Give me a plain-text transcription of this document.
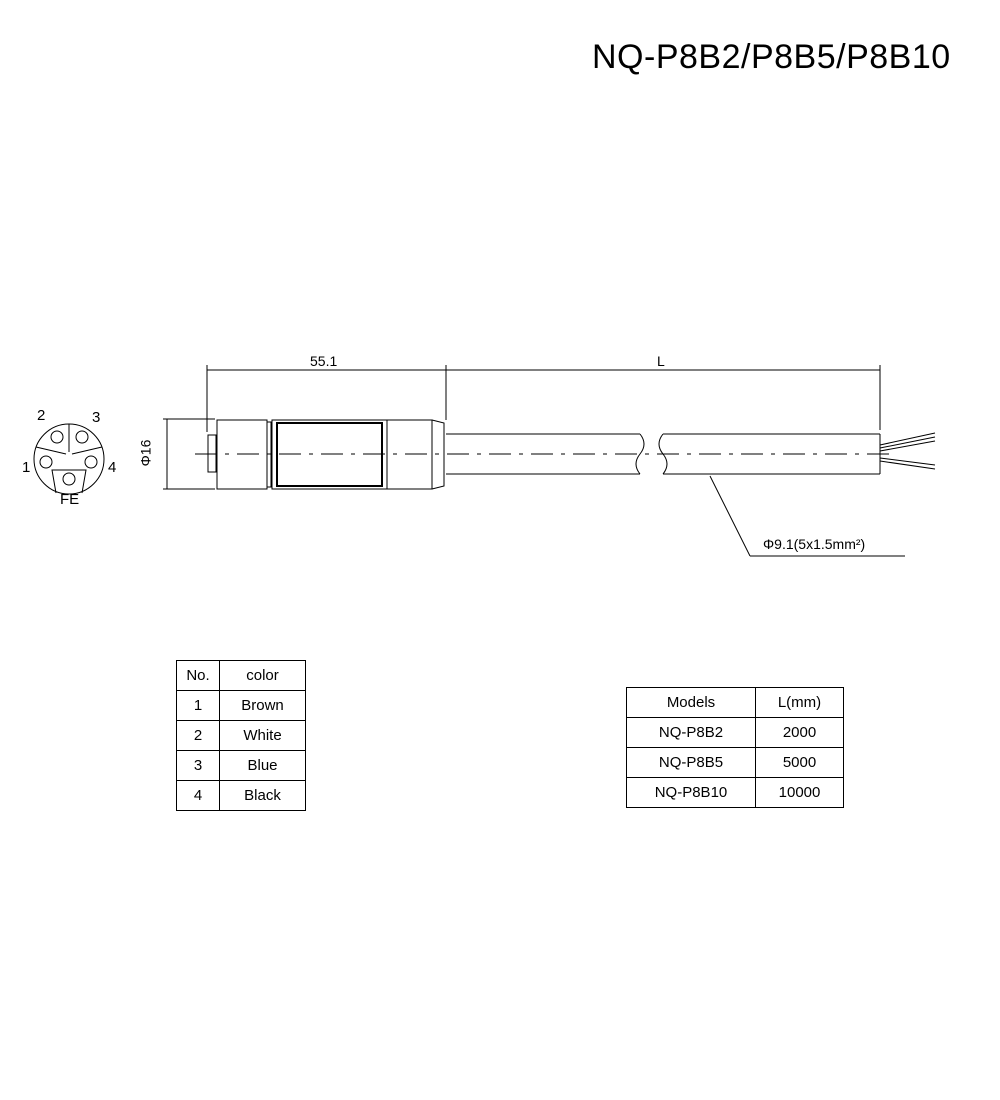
NQ-P8B2/P8B5/P8B10
2	3
1	4
FE
55.1	L
Φ16
Φ9.1(5x1.5mm²)
No.	color
1	Brown
2	White
3	Blue
4	Black
Models	L(mm)
NQ-P8B2	2000
NQ-P8B5	5000
NQ-P8B10	10000
